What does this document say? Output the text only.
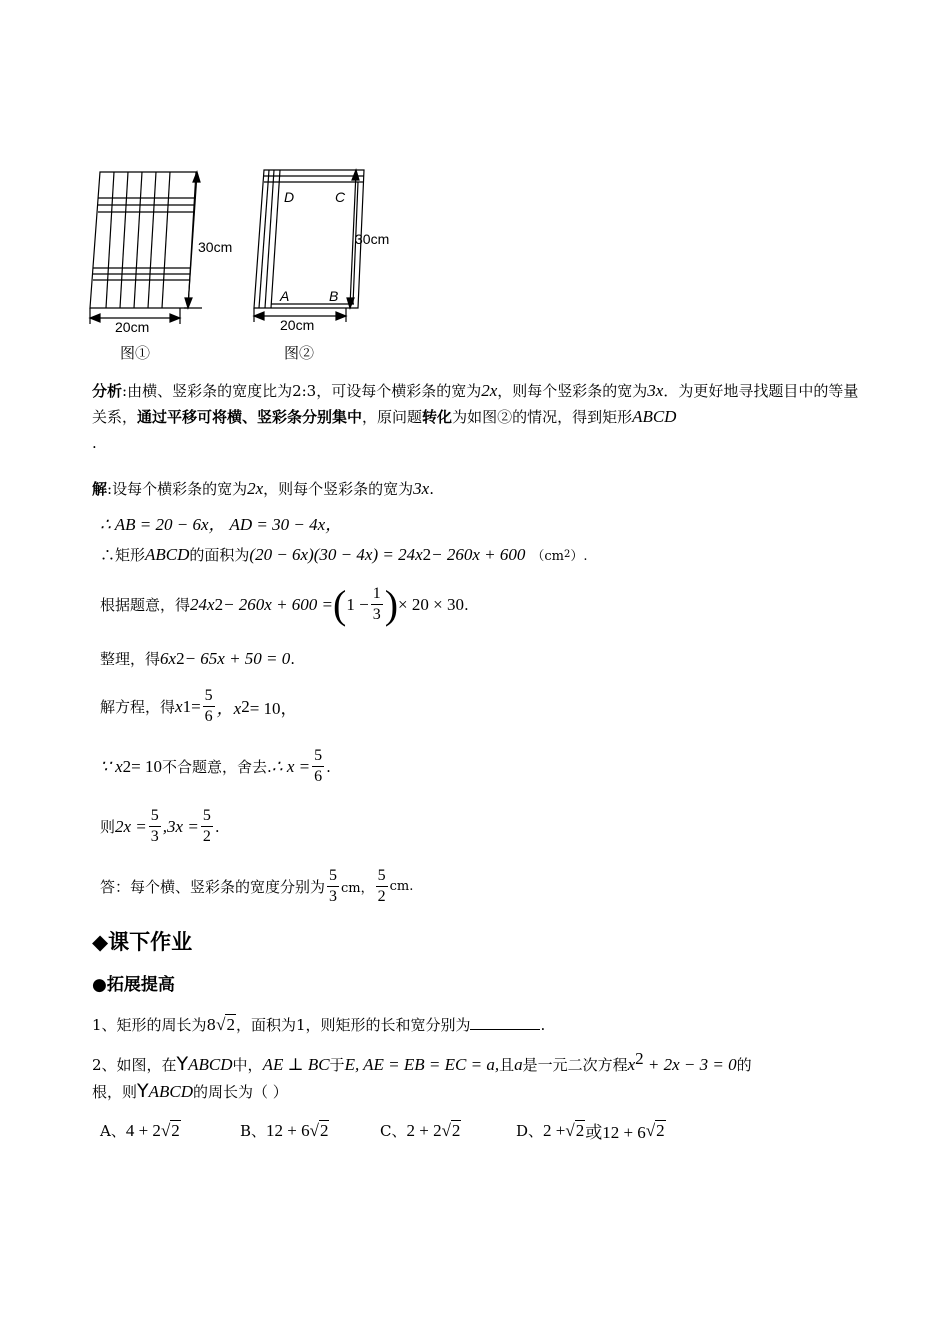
30cm
20cm
D	C
A	B
30cm
20cm
图①	图②
分析:由横、竖彩条的宽度比为2:3，可设每个横彩条的宽为2x，则每个竖彩条的宽为3x．为更好地寻找题目中的等量关系，通过平移可将横、竖彩条分别集中，原问题转化为如图②的情况，得到矩形ABCD
.
解:设每个横彩条的宽为2x，则每个竖彩条的宽为3x.
∴ AB = 20 − 6x， AD = 30 − 4x，
∴矩形 ABCD 的面积为 (20 − 6x)(30 − 4x) = 24x 2 − 260x + 600 （cm 2 ）.
根据题意，得 24x 2 − 260x + 600 = ( $1 - \frac{1}{3}$ ) × 20 × 30 .
整理，得 6x 2 − 65x + 50 = 0 .
解方程，得 x $1 = \frac{5}{6}$ ，x 2 = 10，
∵ x 2 = 10 不合题意，舍去. ∴ $x = \frac{5}{6}$ .
则 $2x = \frac{5}{3} ,3x = \frac{5}{2}$ .
答：每个横、竖彩条的宽度分别为 $\frac{5}{3}$ cm， $\frac{5}{2}$ cm.
◆课下作业
●拓展提高
1、矩形的周长为8√2，面积为1，则矩形的长和宽分别为	.
2、如图，在YABCD中，AE ⊥ BC于E, AE = EB = EC = a,且a是一元二次方程$x^2 + 2x - 3 = 0$的
根，则YABCD的周长为（ ）
A、 4 + 2 √ 2	B、 12 + 6 √ 2	C、 2 + 2 √ 2	D、 2 + √ 2 或12 + 6 √ 2
